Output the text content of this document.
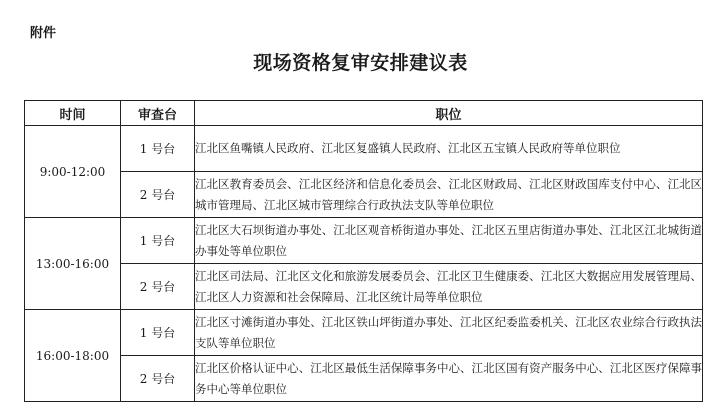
附件
现场资格复审安排建议表
时间	审查台	职位
9:00-12:00	1 号台	江北区鱼嘴镇人民政府、江北区复盛镇人民政府、江北区五宝镇人民政府等单位职位
	2 号台	江北区教育委员会、江北区经济和信息化委员会、江北区财政局、江北区财政国库支付中心、江北区城市管理局、江北区城市管理综合行政执法支队等单位职位
13:00-16:00	1 号台	江北区大石坝街道办事处、江北区观音桥街道办事处、江北区五里店街道办事处、江北区江北城街道办事处等单位职位
	2 号台	江北区司法局、江北区文化和旅游发展委员会、江北区卫生健康委、江北区大数据应用发展管理局、江北区人力资源和社会保障局、江北区统计局等单位职位
16:00-18:00	1 号台	江北区寸滩街道办事处、江北区铁山坪街道办事处、江北区纪委监委机关、江北区农业综合行政执法支队等单位职位
	2 号台	江北区价格认证中心、江北区最低生活保障事务中心、江北区国有资产服务中心、江北区医疗保障事务中心等单位职位
